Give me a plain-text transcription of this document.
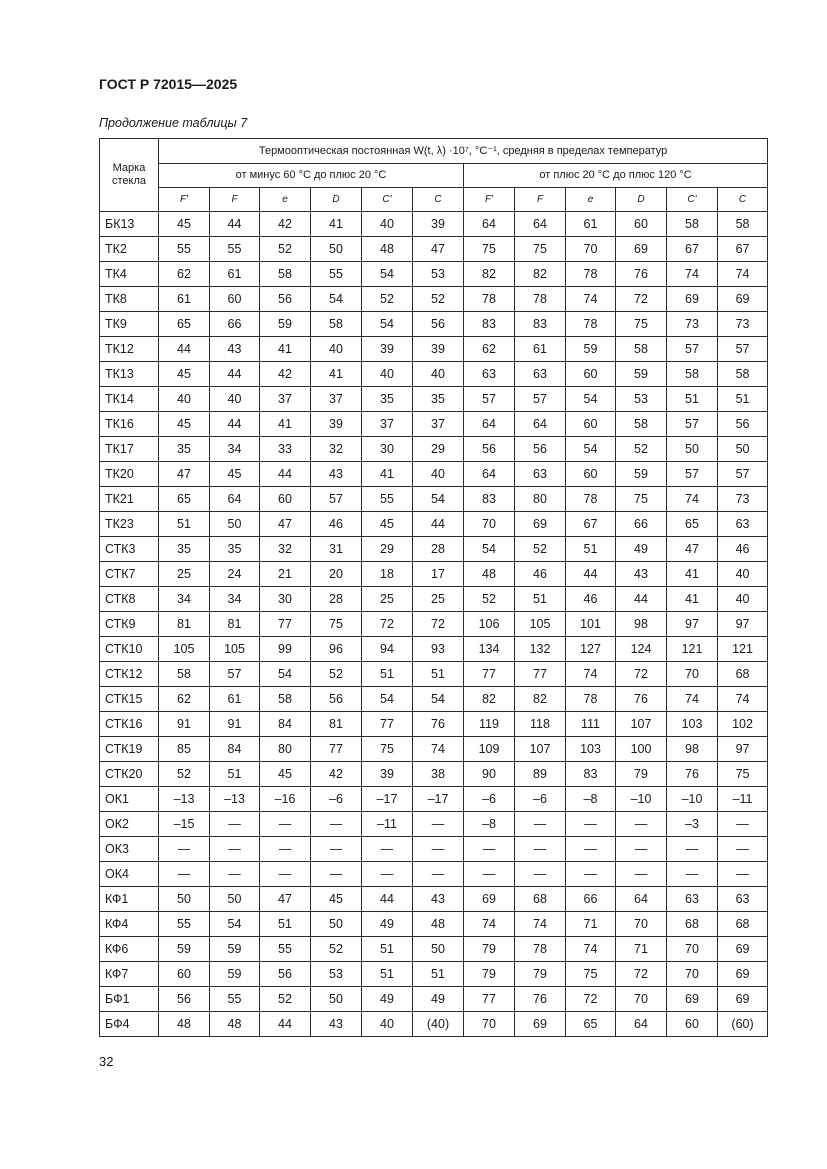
ГОСТ Р 72015—2025
Продолжение таблицы 7
Марка стекла	Термооптическая постоянная W(t, λ) ·10⁷, °С⁻¹, средняя в пределах температур											
	от минус 60 °С до плюс 20 °С						от плюс 20 °С до плюс 120 °С					
	F'	F	e	D	C'	C	F'	F	e	D	C'	C
БК13	45	44	42	41	40	39	64	64	61	60	58	58
ТК2	55	55	52	50	48	47	75	75	70	69	67	67
ТК4	62	61	58	55	54	53	82	82	78	76	74	74
ТК8	61	60	56	54	52	52	78	78	74	72	69	69
ТК9	65	66	59	58	54	56	83	83	78	75	73	73
ТК12	44	43	41	40	39	39	62	61	59	58	57	57
ТК13	45	44	42	41	40	40	63	63	60	59	58	58
ТК14	40	40	37	37	35	35	57	57	54	53	51	51
ТК16	45	44	41	39	37	37	64	64	60	58	57	56
ТК17	35	34	33	32	30	29	56	56	54	52	50	50
ТК20	47	45	44	43	41	40	64	63	60	59	57	57
ТК21	65	64	60	57	55	54	83	80	78	75	74	73
ТК23	51	50	47	46	45	44	70	69	67	66	65	63
СТК3	35	35	32	31	29	28	54	52	51	49	47	46
СТК7	25	24	21	20	18	17	48	46	44	43	41	40
СТК8	34	34	30	28	25	25	52	51	46	44	41	40
СТК9	81	81	77	75	72	72	106	105	101	98	97	97
СТК10	105	105	99	96	94	93	134	132	127	124	121	121
СТК12	58	57	54	52	51	51	77	77	74	72	70	68
СТК15	62	61	58	56	54	54	82	82	78	76	74	74
СТК16	91	91	84	81	77	76	119	118	111	107	103	102
СТК19	85	84	80	77	75	74	109	107	103	100	98	97
СТК20	52	51	45	42	39	38	90	89	83	79	76	75
ОК1	–13	–13	–16	–6	–17	–17	–6	–6	–8	–10	–10	–11
ОК2	–15	—	—	—	–11	—	–8	—	—	—	–3	—
ОК3	—	—	—	—	—	—	—	—	—	—	—	—
ОК4	—	—	—	—	—	—	—	—	—	—	—	—
КФ1	50	50	47	45	44	43	69	68	66	64	63	63
КФ4	55	54	51	50	49	48	74	74	71	70	68	68
КФ6	59	59	55	52	51	50	79	78	74	71	70	69
КФ7	60	59	56	53	51	51	79	79	75	72	70	69
БФ1	56	55	52	50	49	49	77	76	72	70	69	69
БФ4	48	48	44	43	40	(40)	70	69	65	64	60	(60)
32
